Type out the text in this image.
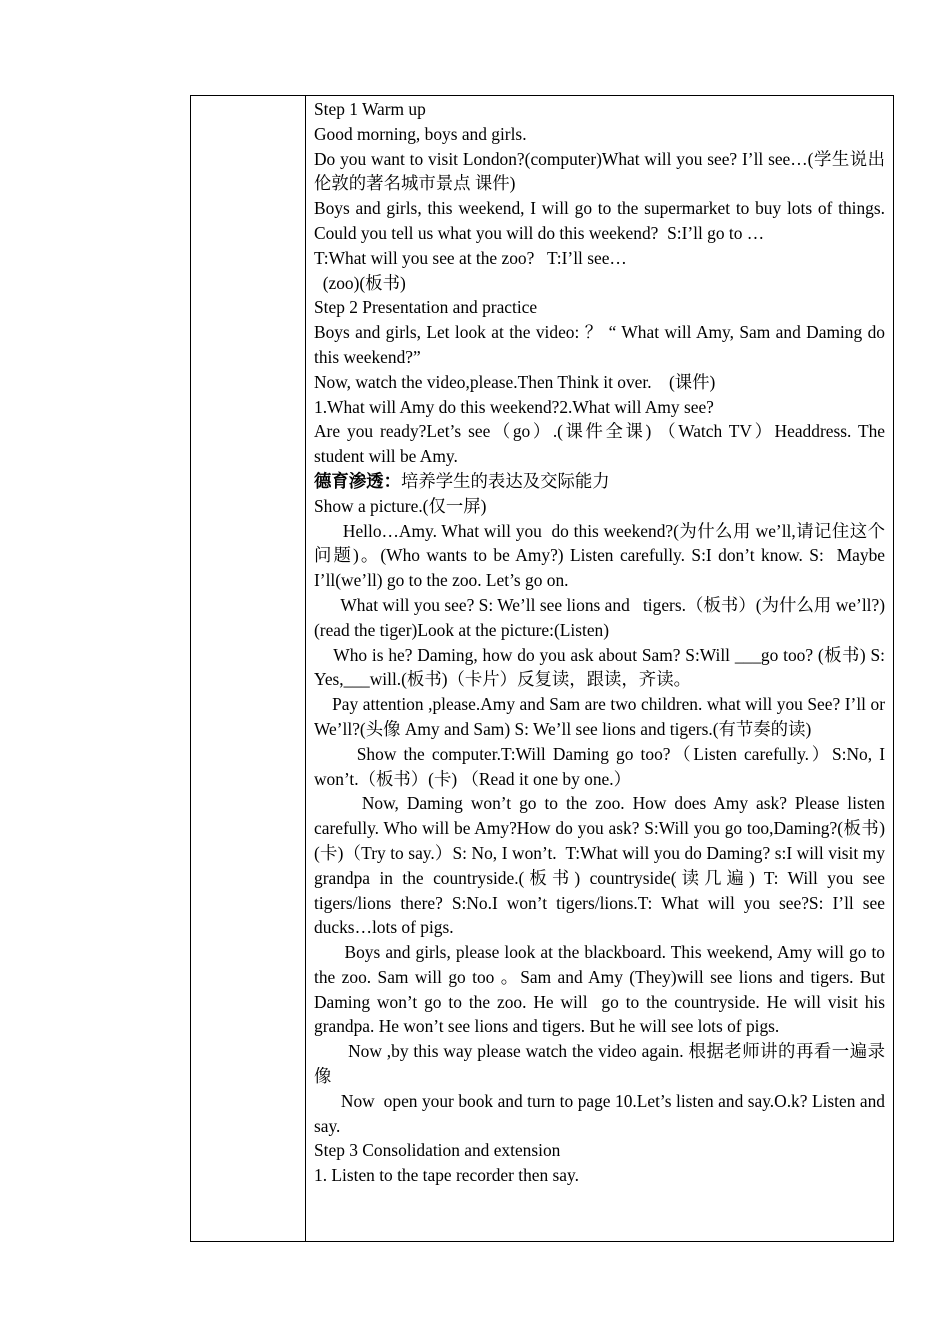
Step 1 Warm up

Good morning, boys and girls.

Do you want to visit London?(computer)What will you see? I’ll see…(学生说出伦敦的著名城市景点 课件)

Boys and girls, this weekend, I will go to the supermarket to buy lots of things. Could you tell us what you will do this weekend?  S:I’ll go to …

T:What will you see at the zoo?   T:I’ll see…

(zoo)(板书)

Step 2 Presentation and practice

Boys and girls, Let look at the video: ？ “ What will Amy, Sam and Daming do this weekend?”

Now, watch the video,please.Then Think it over.    (课件)

1.What will Amy do this weekend?2.What will Amy see?

Are you ready?Let’s see（go）.(课件全课) （Watch TV）Headdress. The student will be Amy.

德育渗透：培养学生的表达及交际能力

Show a picture.(仅一屏)

Hello…Amy. What will you  do this weekend?(为什么用 we’ll,请记住这个问题)。(Who wants to be Amy?) Listen carefully. S:I don’t know. S:  Maybe I’ll(we’ll) go to the zoo. Let’s go on.

What will you see? S: We’ll see lions and   tigers.（板书）(为什么用 we’ll?) (read the tiger)Look at the picture:(Listen)

Who is he? Daming, how do you ask about Sam? S:Will ___go too? (板书) S: Yes,___will.(板书)（卡片）反复读，跟读，齐读。

Pay attention ,please.Amy and Sam are two children. what will you See? I’ll or We’ll?(头像 Amy and Sam) S: We’ll see lions and tigers.(有节奏的读)

Show the computer.T:Will Daming go too?（Listen carefully.）S:No, I won’t.（板书）(卡) （Read it one by one.）

Now, Daming won’t go to the zoo. How does Amy ask? Please listen carefully. Who will be Amy?How do you ask? S:Will you go too,Daming?(板书)(卡)（Try to say.）S: No, I won’t.  T:What will you do Daming? s:I will visit my grandpa in the countryside.(板书) countryside(读几遍) T: Will you see tigers/lions there? S:No.I won’t tigers/lions.T: What will you see?S: I’ll see ducks…lots of pigs.

Boys and girls, please look at the blackboard. This weekend, Amy will go to the zoo. Sam will go too 。Sam and Amy (They)will see lions and tigers. But Daming won’t go to the zoo. He will  go to the countryside. He will visit his grandpa. He won’t see lions and tigers. But he will see lots of pigs.

Now ,by this way please watch the video again. 根据老师讲的再看一遍录像

Now  open your book and turn to page 10.Let’s listen and say.O.k? Listen and say.

Step 3 Consolidation and extension

1. Listen to the tape recorder then say.
